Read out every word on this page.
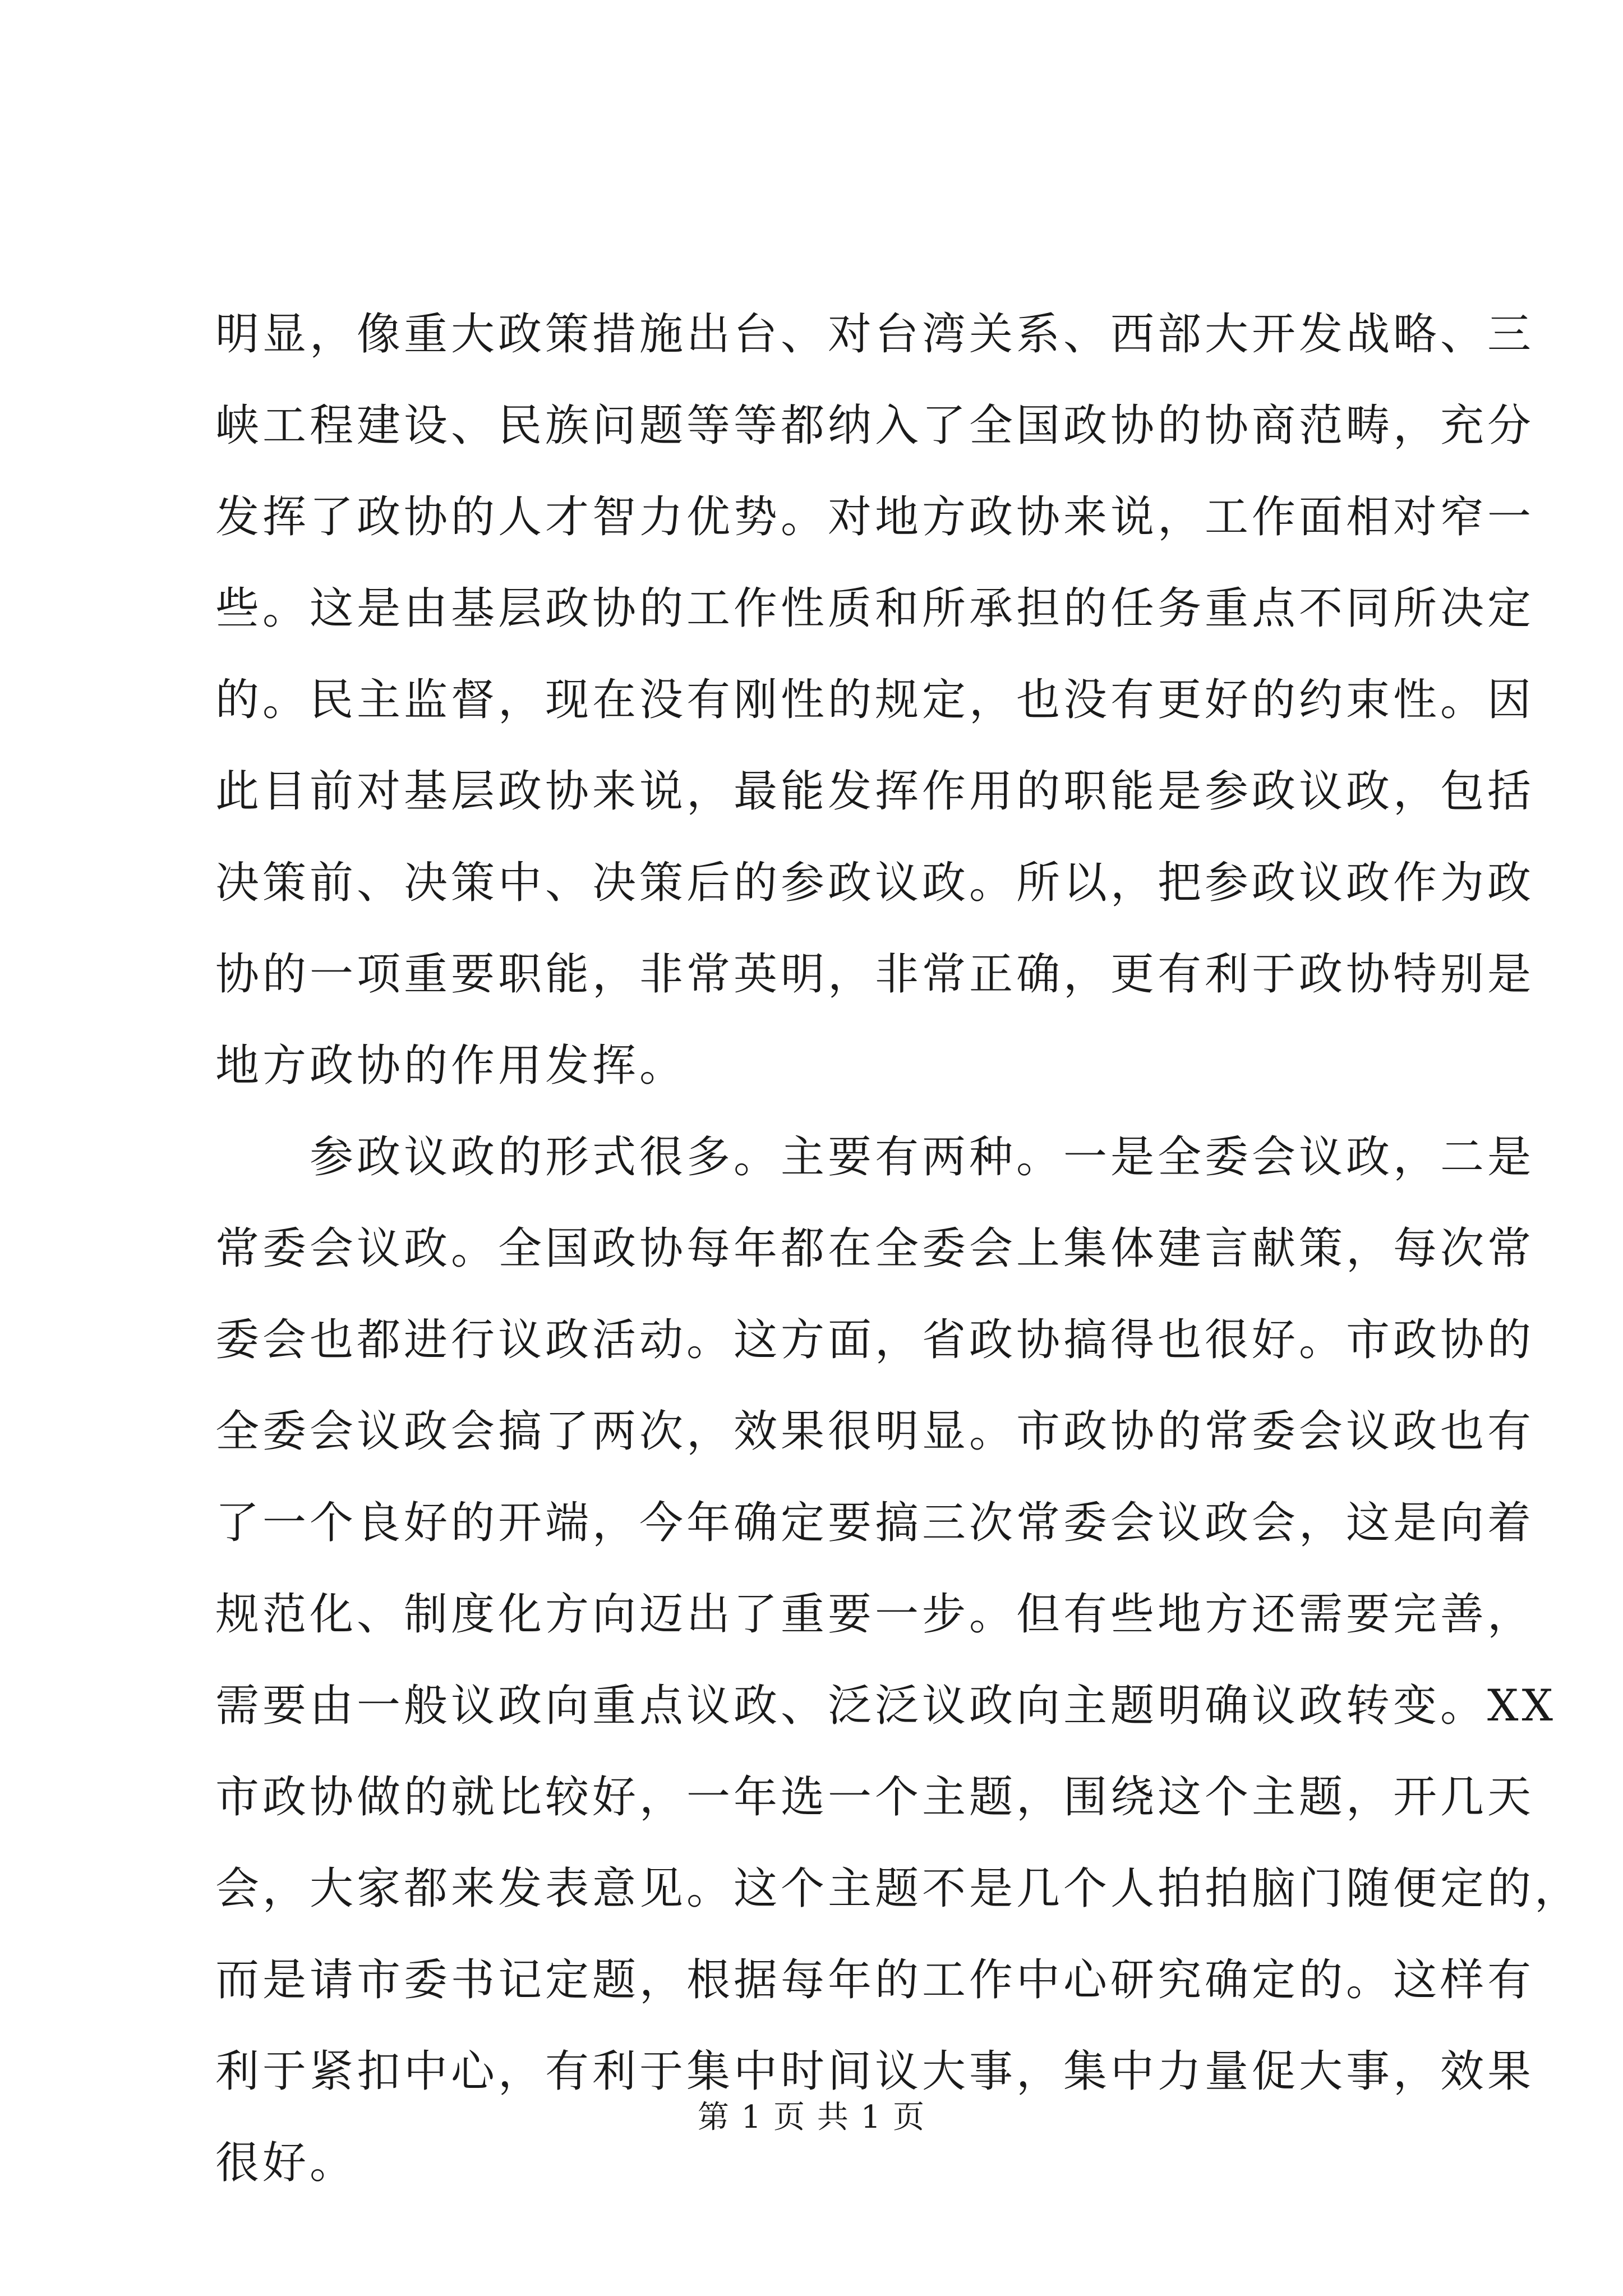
明显，像重大政策措施出台、对台湾关系、西部大开发战略、三
峡工程建设、民族问题等等都纳入了全国政协的协商范畴，充分
发挥了政协的人才智力优势。对地方政协来说，工作面相对窄一
些。这是由基层政协的工作性质和所承担的任务重点不同所决定
的。民主监督，现在没有刚性的规定，也没有更好的约束性。因
此目前对基层政协来说，最能发挥作用的职能是参政议政，包括
决策前、决策中、决策后的参政议政。所以，把参政议政作为政
协的一项重要职能，非常英明，非常正确，更有利于政协特别是
地方政协的作用发挥。
　　参政议政的形式很多。主要有两种。一是全委会议政，二是
常委会议政。全国政协每年都在全委会上集体建言献策，每次常
委会也都进行议政活动。这方面，省政协搞得也很好。市政协的
全委会议政会搞了两次，效果很明显。市政协的常委会议政也有
了一个良好的开端，今年确定要搞三次常委会议政会，这是向着
规范化、制度化方向迈出了重要一步。但有些地方还需要完善，
需要由一般议政向重点议政、泛泛议政向主题明确议政转变。XX
市政协做的就比较好，一年选一个主题，围绕这个主题，开几天
会，大家都来发表意见。这个主题不是几个人拍拍脑门随便定的，
而是请市委书记定题，根据每年的工作中心研究确定的。这样有
利于紧扣中心，有利于集中时间议大事，集中力量促大事，效果
很好。
第 1 页 共 1 页
